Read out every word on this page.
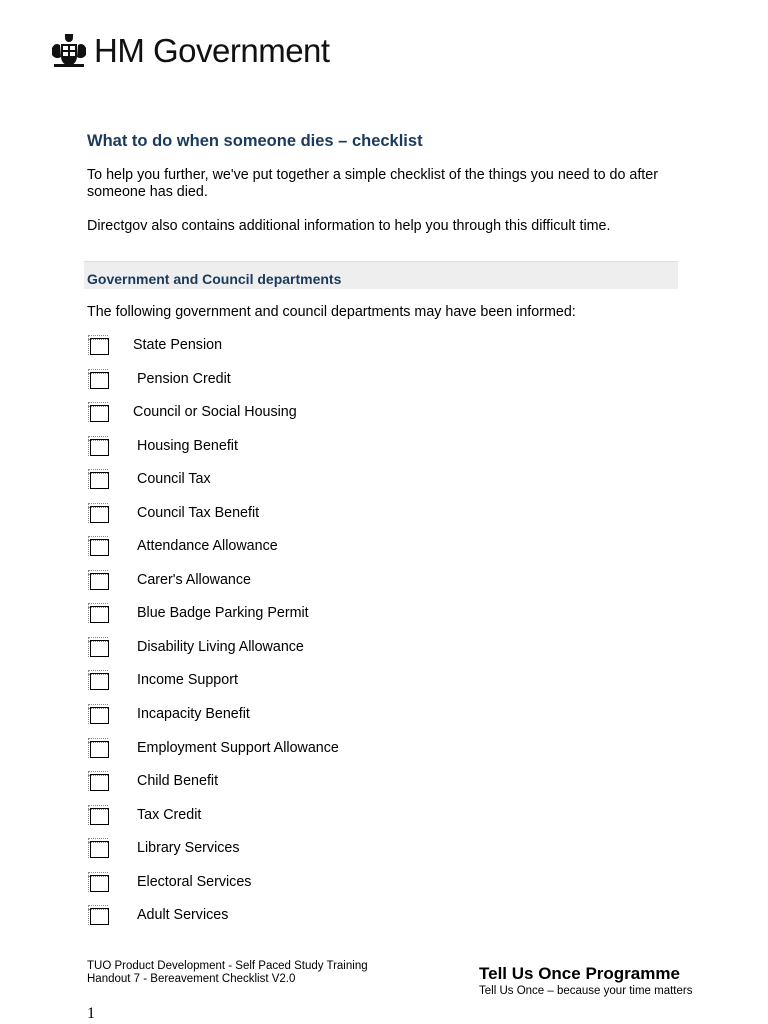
HM Government
What to do when someone dies – checklist

To help you further, we've put together a simple checklist of the things you need to do after someone has died.

Directgov also contains additional information to help you through this difficult time.

Government and Council departments

The following government and council departments may have been informed:

State Pension
Pension Credit
Council or Social Housing
Housing Benefit
Council Tax
Council Tax Benefit
Attendance Allowance
Carer's Allowance
Blue Badge Parking Permit
Disability Living Allowance
Income Support
Incapacity Benefit
Employment Support Allowance
Child Benefit
Tax Credit
Library Services
Electoral Services
Adult Services
TUO Product Development - Self Paced Study Training
Handout 7 - Bereavement Checklist V2.0	Tell Us Once Programme
Tell Us Once – because your time matters
1
